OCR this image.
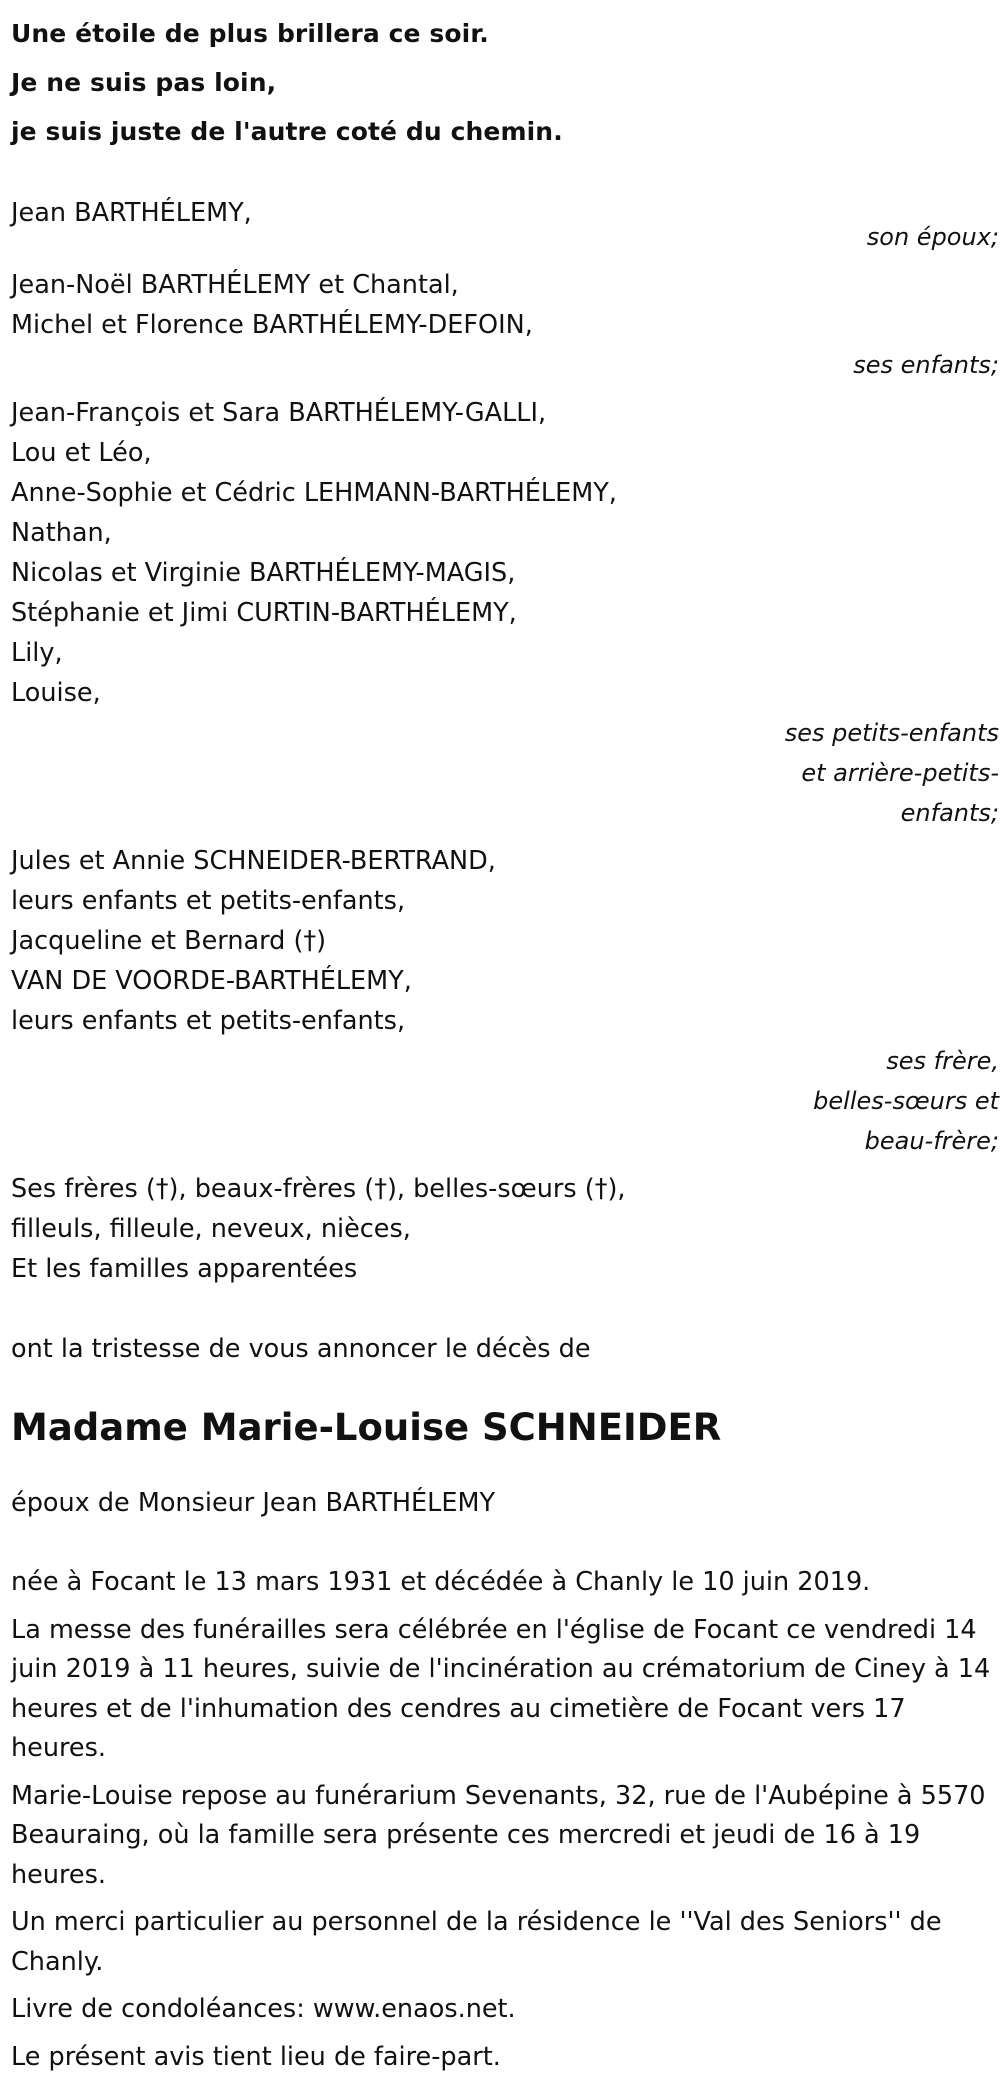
Une étoile de plus brillera ce soir.
Je ne suis pas loin,
je suis juste de l'autre coté du chemin.
Jean BARTHÉLEMY,
son époux;
Jean-Noël BARTHÉLEMY et Chantal,
Michel et Florence BARTHÉLEMY-DEFOIN,
ses enfants;
Jean-François et Sara BARTHÉLEMY-GALLI,
Lou et Léo,
Anne-Sophie et Cédric LEHMANN-BARTHÉLEMY,
Nathan,
Nicolas et Virginie BARTHÉLEMY-MAGIS,
Stéphanie et Jimi CURTIN-BARTHÉLEMY,
Lily,
Louise,
ses petits-enfants
et arrière-petits-
enfants;
Jules et Annie SCHNEIDER-BERTRAND,
leurs enfants et petits-enfants,
Jacqueline et Bernard (†)
VAN DE VOORDE-BARTHÉLEMY,
leurs enfants et petits-enfants,
ses frère,
belles-sœurs et
beau-frère;
Ses frères (†), beaux-frères (†), belles-sœurs (†),
filleuls, filleule, neveux, nièces,
Et les familles apparentées
ont la tristesse de vous annoncer le décès de
Madame Marie-Louise SCHNEIDER
époux de Monsieur Jean BARTHÉLEMY
née à Focant le 13 mars 1931 et décédée à Chanly le 10 juin 2019.
La messe des funérailles sera célébrée en l'église de Focant ce vendredi 14 juin 2019 à 11 heures, suivie de l'incinération au crématorium de Ciney à 14 heures et de l'inhumation des cendres au cimetière de Focant vers 17 heures.
Marie-Louise repose au funérarium Sevenants, 32, rue de l'Aubépine à 5570 Beauraing, où la famille sera présente ces mercredi et jeudi de 16 à 19 heures.
Un merci particulier au personnel de la résidence le ''Val des Seniors'' de Chanly.
Livre de condoléances: www.enaos.net.
Le présent avis tient lieu de faire-part.
